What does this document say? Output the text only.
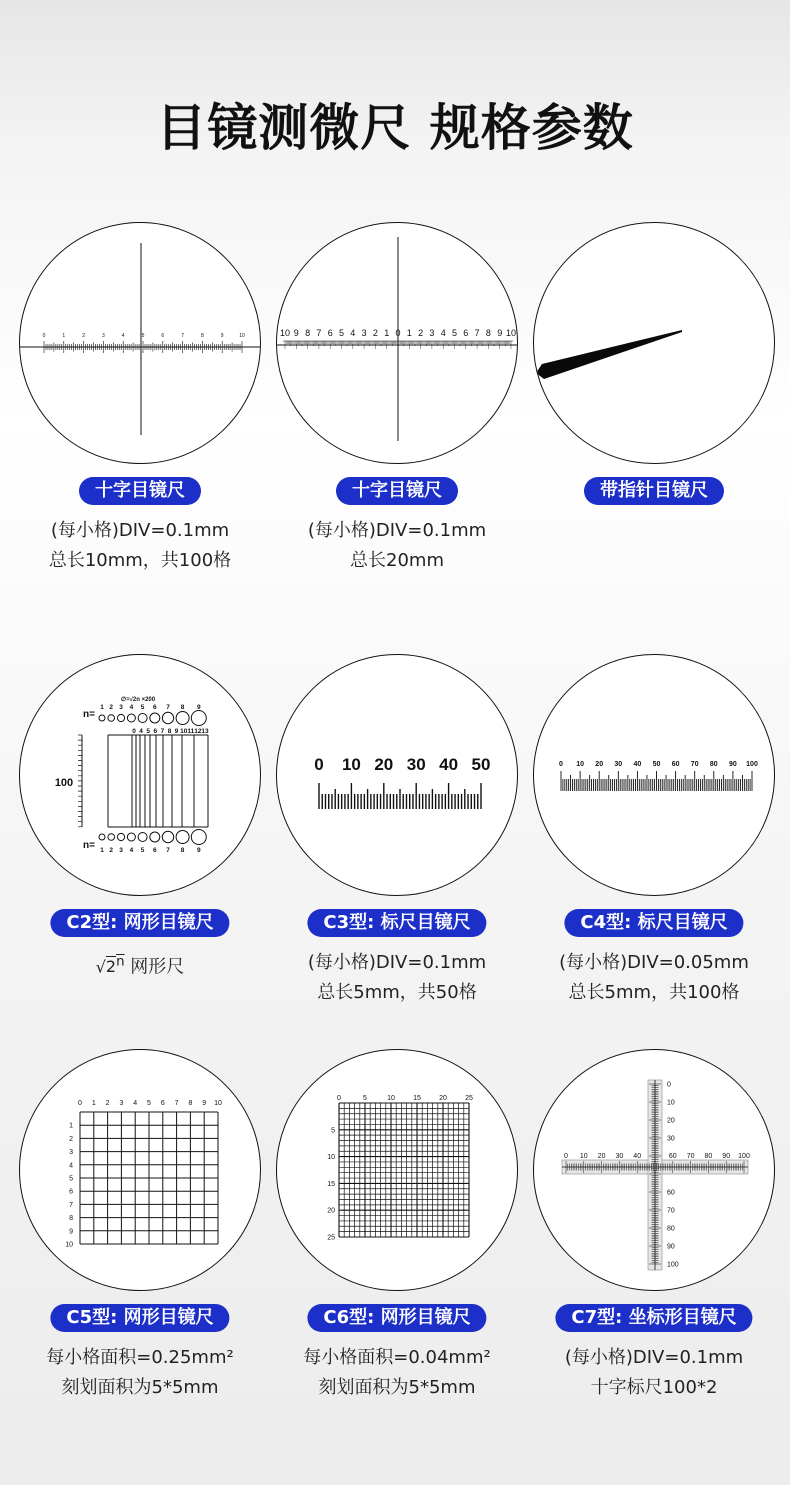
目镜测微尺 规格参数
0	1	2	3	4	5	6	7	8	9	10
十字目镜尺
(每小格)DIV=0.1mm
总长10mm，共100格
10 9 8 7 6 5 4 3 2 1 0 1 2 3 4 5 6 7 8 9 10
十字目镜尺
(每小格)DIV=0.1mm
总长20mm
带指针目镜尺
∅=√2n ×200
n=
1 2 3 4 5 6 7 8 9
0 4 5 6 7 8 9 10 11 12 13
100
n= 1 2 3 4 5 6 7 8 9
C2型: 网形目镜尺
√2$^n$ 网形尺
0 10 20 30 40 50
C3型: 标尺目镜尺
(每小格)DIV=0.1mm
总长5mm，共50格
0 10 20 30 40 50 60 70 80 90 100
C4型: 标尺目镜尺
(每小格)DIV=0.05mm
总长5mm，共100格
0 1 2 3 4 5 6 7 8 9 10
1
2
3
4
5
6
7
8
9
10
C5型: 网形目镜尺
每小格面积=0.25mm²
刻划面积为5*5mm
0	5	10	15	20	25
5
10
15
20
25
C6型: 网形目镜尺
每小格面积=0.04mm²
刻划面积为5*5mm
0 10 20 30 40	60 70 80 90 100
0
10
20
30
60
70
80
90
100
C7型: 坐标形目镜尺
(每小格)DIV=0.1mm
十字标尺100*2
